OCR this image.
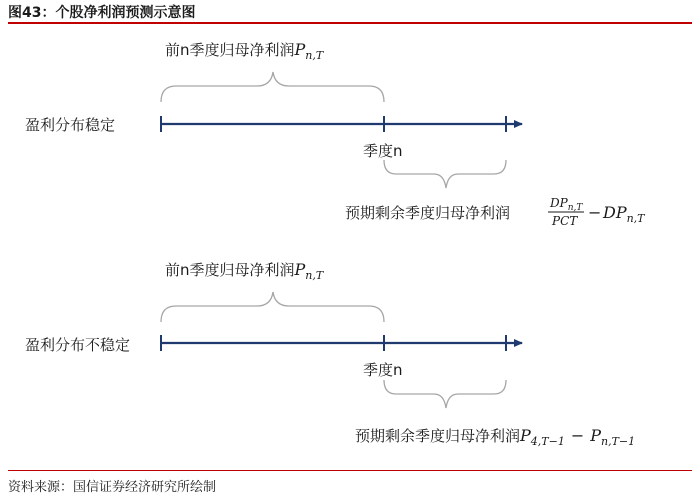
图43：个股净利润预测示意图
前n季度归母净利润$P_{n,T}$
盈利分布稳定
季度n
预期剩余季度归母净利润
$DP_{n,T}$
PCT − $DP_{n,T}$
前n季度归母净利润$P_{n,T}$
盈利分布不稳定
季度n
预期剩余季度归母净利润$P_{4,T-1} - P_{n,T-1}$
资料来源：国信证券经济研究所绘制
